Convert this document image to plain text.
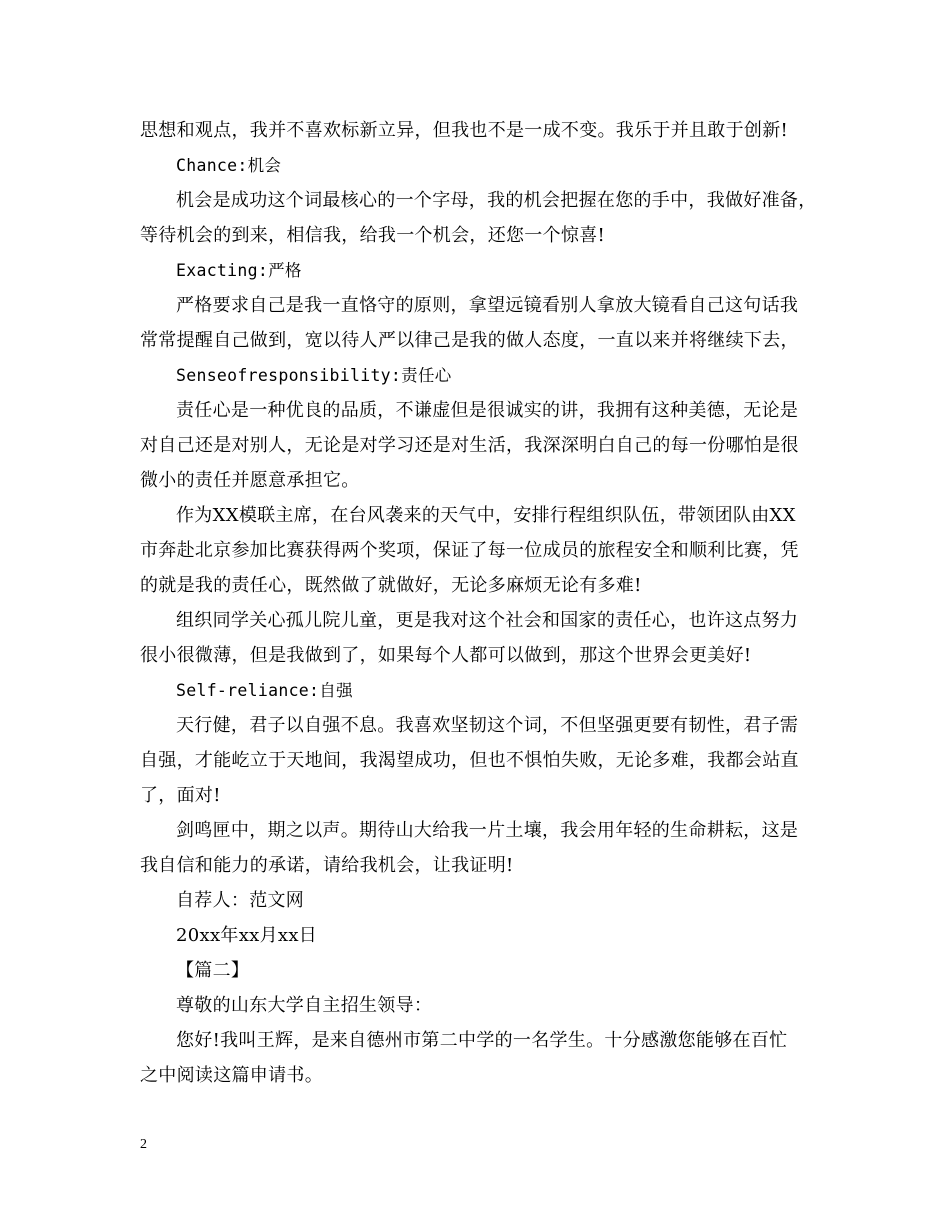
思想和观点，我并不喜欢标新立异，但我也不是一成不变。我乐于并且敢于创新!
Chance:机会
机会是成功这个词最核心的一个字母，我的机会把握在您的手中，我做好准备，
等待机会的到来，相信我，给我一个机会，还您一个惊喜!
Exacting:严格
严格要求自己是我一直恪守的原则，拿望远镜看别人拿放大镜看自己这句话我
常常提醒自己做到，宽以待人严以律己是我的做人态度，一直以来并将继续下去，
Senseofresponsibility:责任心
责任心是一种优良的品质，不谦虚但是很诚实的讲，我拥有这种美德，无论是
对自己还是对别人，无论是对学习还是对生活，我深深明白自己的每一份哪怕是很
微小的责任并愿意承担它。
作为XX模联主席，在台风袭来的天气中，安排行程组织队伍，带领团队由XX
市奔赴北京参加比赛获得两个奖项，保证了每一位成员的旅程安全和顺利比赛，凭
的就是我的责任心，既然做了就做好，无论多麻烦无论有多难!
组织同学关心孤儿院儿童，更是我对这个社会和国家的责任心，也许这点努力
很小很微薄，但是我做到了，如果每个人都可以做到，那这个世界会更美好!
Self-reliance:自强
天行健，君子以自强不息。我喜欢坚韧这个词，不但坚强更要有韧性，君子需
自强，才能屹立于天地间，我渴望成功，但也不惧怕失败，无论多难，我都会站直
了，面对!
剑鸣匣中，期之以声。期待山大给我一片土壤，我会用年轻的生命耕耘，这是
我自信和能力的承诺，请给我机会，让我证明!
自荐人：范文网
20xx年xx月xx日
【篇二】
尊敬的山东大学自主招生领导：
您好!我叫王辉，是来自德州市第二中学的一名学生。十分感激您能够在百忙
之中阅读这篇申请书。
2
